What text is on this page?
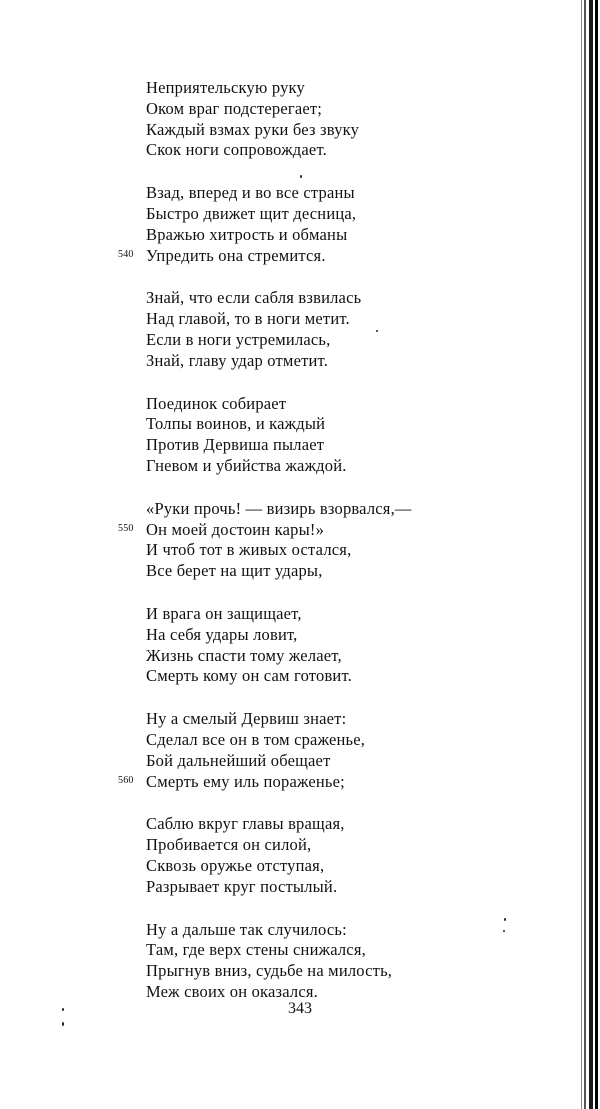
Неприятельскую руку
Оком враг подстерегает;
Каждый взмах руки без звуку
Скок ноги сопровождает.
Взад, вперед и во все страны
Быстро движет щит десница,
Вражью хитрость и обманы
Упредить она стремится.
540
Знай, что если сабля взвилась
Над главой, то в ноги метит.
Если в ноги устремилась,
Знай, главу удар отметит.
Поединок собирает
Толпы воинов, и каждый
Против Дервиша пылает
Гневом и убийства жаждой.
«Руки прочь! — визирь взорвался,—
Он моей достоин кары!»
550
И чтоб тот в живых остался,
Все берет на щит удары,
И врага он защищает,
На себя удары ловит,
Жизнь спасти тому желает,
Смерть кому он сам готовит.
Ну а смелый Дервиш знает:
Сделал все он в том сраженье,
Бой дальнейший обещает
Смерть ему иль пораженье;
560
Саблю вкруг главы вращая,
Пробивается он силой,
Сквозь оружье отступая,
Разрывает круг постылый.
Ну а дальше так случилось:
Там, где верх стены снижался,
Прыгнув вниз, судьбе на милость,
Меж своих он оказался.
343
